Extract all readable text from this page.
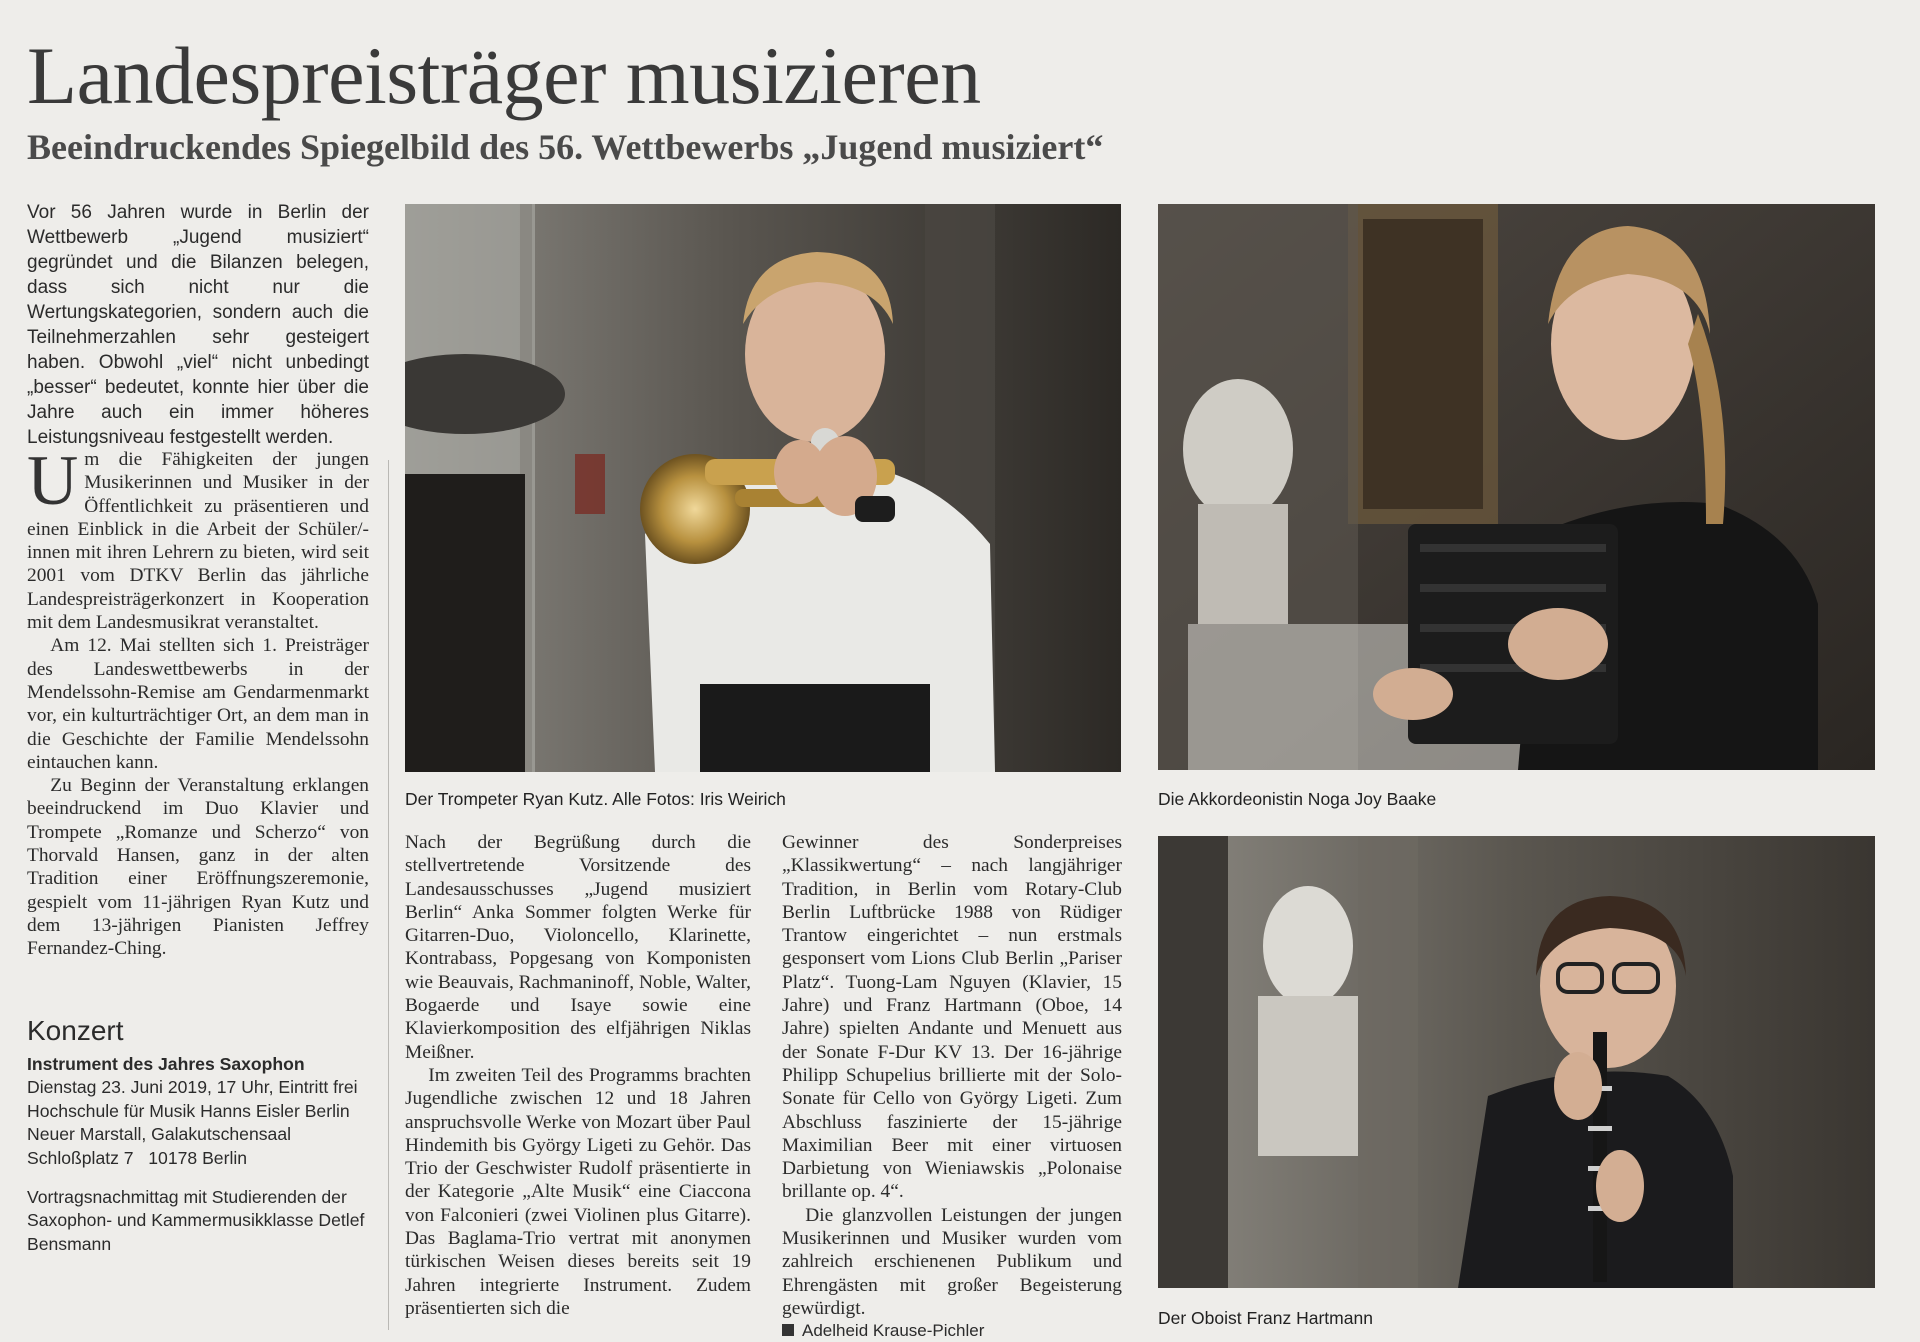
Landespreisträger musizieren
Beeindruckendes Spiegelbild des 56. Wettbewerbs „Jugend musiziert“

Vor 56 Jahren wurde in Berlin der Wettbewerb „Jugend musiziert“ gegründet und die Bilanzen belegen, dass sich nicht nur die Wertungskategorien, sondern auch die Teilnehmerzahlen sehr gesteigert haben. Obwohl „viel“ nicht unbedingt „besser“ bedeutet, konnte hier über die Jahre auch ein immer höheres Leistungsniveau festgestellt werden.

Um die Fähigkeiten der jungen Musikerinnen und Musiker in der Öffentlichkeit zu präsentieren und einen Einblick in die Arbeit der Schüler/-innen mit ihren Lehrern zu bieten, wird seit 2001 vom DTKV Berlin das jährliche Landespreisträgerkonzert in Kooperation mit dem Landesmusikrat veranstaltet.

Am 12. Mai stellten sich 1. Preisträger des Landeswettbewerbs in der Mendelssohn-Remise am Gendarmenmarkt vor, ein kulturträchtiger Ort, an dem man in die Geschichte der Familie Mendelssohn eintauchen kann.

Zu Beginn der Veranstaltung erklangen beeindruckend im Duo Klavier und Trompete „Romanze und Scherzo“ von Thorvald Hansen, ganz in der alten Tradition einer Eröffnungszeremonie, gespielt vom 11-jährigen Ryan Kutz und dem 13-jährigen Pianisten Jeffrey Fernandez-Ching.

Konzert

Instrument des Jahres Saxophon

Dienstag 23. Juni 2019, 17 Uhr, Eintritt frei

Hochschule für Musik Hanns Eisler Berlin

Neuer Marstall, Galakutschensaal

Schloßplatz 7   10178 Berlin

Vortragsnachmittag mit Studierenden der Saxophon- und Kammermusikklasse Detlef Bensmann

Der Trompeter Ryan Kutz. Alle Fotos: Iris Weirich

Nach der Begrüßung durch die stellvertretende Vorsitzende des Landesausschusses „Jugend musiziert Berlin“ Anka Sommer folgten Werke für Gitarren-Duo, Violoncello, Klarinette, Kontrabass, Popgesang von Komponisten wie Beauvais, Rachmaninoff, Noble, Walter, Bogaerde und Isaye sowie eine Klavierkomposition des elfjährigen Niklas Meißner.

Im zweiten Teil des Programms brachten Jugendliche zwischen 12 und 18 Jahren anspruchsvolle Werke von Mozart über Paul Hindemith bis György Ligeti zu Gehör. Das Trio der Geschwister Rudolf präsentierte in der Kategorie „Alte Musik“ eine Ciaccona von Falconieri (zwei Violinen plus Gitarre). Das Baglama-Trio vertrat mit anonymen türkischen Weisen dieses bereits seit 19 Jahren integrierte Instrument. Zudem präsentierten sich die

Gewinner des Sonderpreises „Klassikwertung“ – nach langjähriger Tradition, in Berlin vom Rotary-Club Berlin Luftbrücke 1988 von Rüdiger Trantow eingerichtet – nun erstmals gesponsert vom Lions Club Berlin „Pariser Platz“. Tuong-Lam Nguyen (Klavier, 15 Jahre) und Franz Hartmann (Oboe, 14 Jahre) spielten Andante und Menuett aus der Sonate F-Dur KV 13. Der 16-jährige Philipp Schupelius brillierte mit der Solo-Sonate für Cello von György Ligeti. Zum Abschluss faszinierte der 15-jährige Maximilian Beer mit einer virtuosen Darbietung von Wieniawskis „Polonaise brillante op. 4“.

Die glanzvollen Leistungen der jungen Musikerinnen und Musiker wurden vom zahlreich erschienenen Publikum und Ehrengästen mit großer Begeisterung gewürdigt.

Adelheid Krause-Pichler
Die Akkordeonistin Noga Joy Baake
Der Oboist Franz Hartmann
